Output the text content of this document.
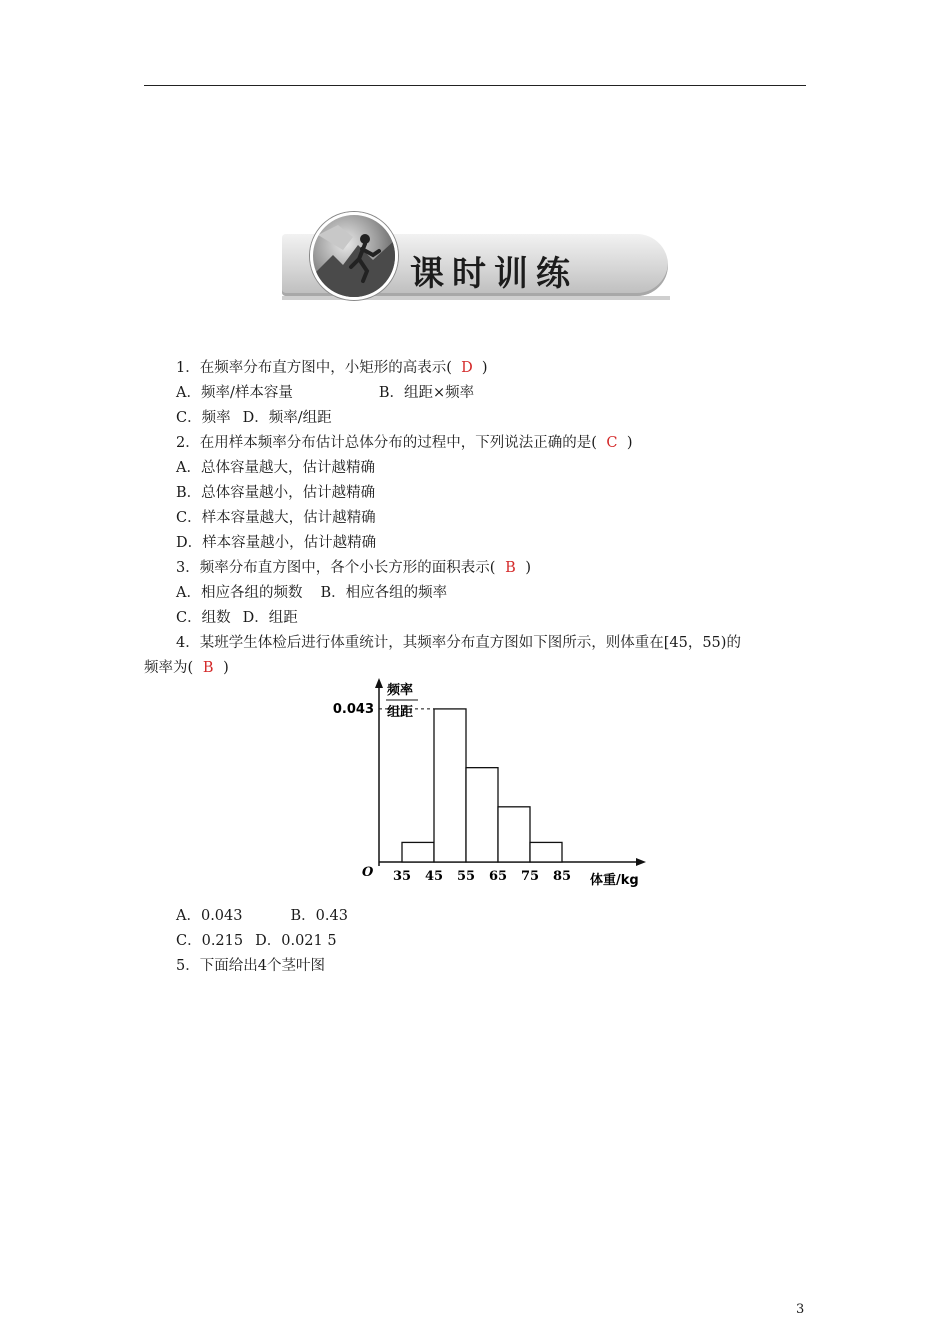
课时训练
1．在频率分布直方图中，小矩形的高表示( D )
A．频率/样本容量	B．组距×频率
C．频率 D．频率/组距
2．在用样本频率分布估计总体分布的过程中，下列说法正确的是( C )
A．总体容量越大，估计越精确
B．总体容量越小，估计越精确
C．样本容量越大，估计越精确
D．样本容量越小，估计越精确
3．频率分布直方图中，各个小长方形的面积表示( B )
A．相应各组的频数 B．相应各组的频率
C．组数 D．组距
4．某班学生体检后进行体重统计，其频率分布直方图如下图所示，则体重在[45，55)的
频率为( B )
频率
组距
0.043
O
体重/kg
35 45 55 65 75 85
A．0.043	B．0.43
C．0.215 D．0.021 5
5．下面给出4个茎叶图
3
